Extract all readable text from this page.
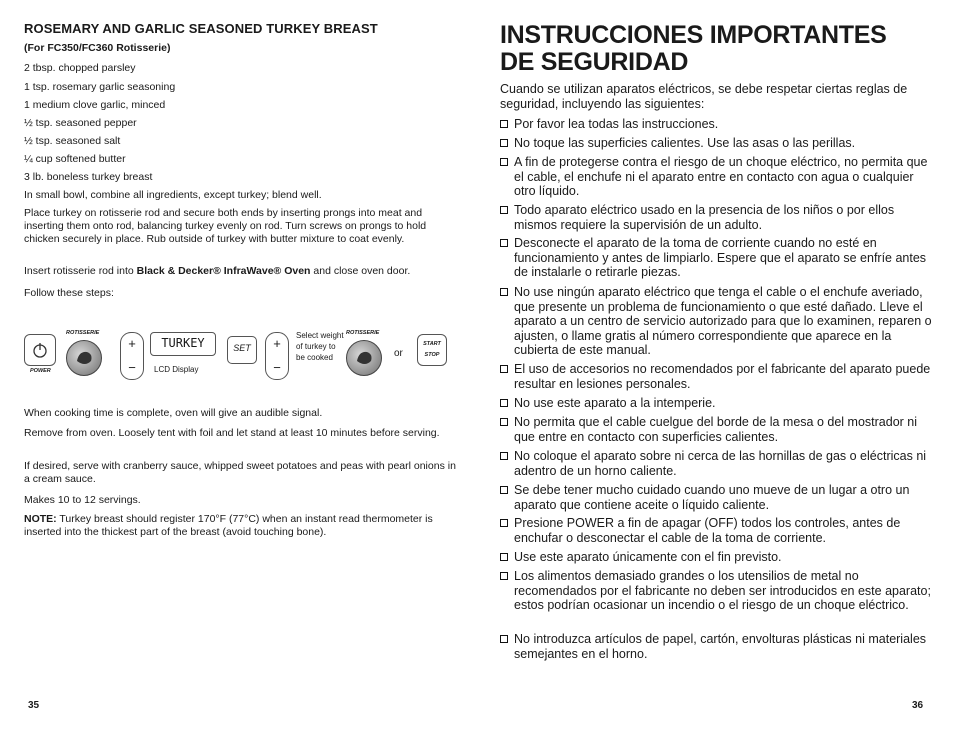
ROSEMARY AND GARLIC SEASONED TURKEY BREAST
(For FC350/FC360 Rotisserie)
2 tbsp. chopped parsley
1 tsp. rosemary garlic seasoning
1 medium clove garlic, minced
½ tsp. seasoned pepper
½ tsp. seasoned salt
¼ cup softened butter
3 lb. boneless turkey breast
In small bowl, combine all ingredients, except turkey; blend well.
Place turkey on rotisserie rod and secure both ends by inserting prongs into meat and inserting them onto rod, balancing turkey evenly on rod. Turn screws on prongs to hold chicken securely in place. Rub outside of turkey with butter mixture to coat evenly.
Insert rotisserie rod into Black & Decker® InfraWave® Oven and close oven door.
Follow these steps:
POWER
ROTISSERIE
+
−
TURKEY
LCD Display
SET	+
−
Select weight of turkey to be cooked
ROTISSERIE
or
START
STOP
When cooking time is complete, oven will give an audible signal.
Remove from oven. Loosely tent with foil and let stand at least 10 minutes before serving.
If desired, serve with cranberry sauce, whipped sweet potatoes and peas with pearl onions in a cream sauce.
Makes 10 to 12 servings.
NOTE: Turkey breast should register 170°F (77°C) when an instant read thermometer is inserted into the thickest part of the breast (avoid touching bone).
35
INSTRUCCIONES IMPORTANTES
DE SEGURIDAD
Cuando se utilizan aparatos eléctricos, se debe respetar ciertas reglas de seguridad, incluyendo las siguientes:
Por favor lea todas las instrucciones.
No toque las superficies calientes. Use las asas o las perillas.
A fin de protegerse contra el riesgo de un choque eléctrico, no permita que el cable, el enchufe ni el aparato entre en contacto con agua o cualquier otro líquido.
Todo aparato eléctrico usado en la presencia de los niños o por ellos mismos requiere la supervisión de un adulto.
Desconecte el aparato de la toma de corriente cuando no esté en funcionamiento y antes de limpiarlo. Espere que el aparato se enfríe antes de instalarle o retirarle piezas.
No use ningún aparato eléctrico que tenga el cable o el enchufe averiado, que presente un problema de funcionamiento o que esté dañado. Lleve el aparato a un centro de servicio autorizado para que lo examinen, reparen o ajusten, o llame gratis al número correspondiente que aparece en la cubierta de este manual.
El uso de accesorios no recomendados por el fabricante del aparato puede resultar en lesiones personales.
No use este aparato a la intemperie.
No permita que el cable cuelgue del borde de la mesa o del mostrador ni que entre en contacto con superficies calientes.
No coloque el aparato sobre ni cerca de las hornillas de gas o eléctricas ni adentro de un horno caliente.
Se debe tener mucho cuidado cuando uno mueve de un lugar a otro un aparato que contiene aceite o líquido caliente.
Presione POWER a fin de apagar (OFF) todos los controles, antes de enchufar o desconectar el cable de la toma de corriente.
Use este aparato únicamente con el fin previsto.
Los alimentos demasiado grandes o los utensilios de metal no recomendados por el fabricante no deben ser introducidos en este aparato; estos podrían ocasionar un incendio o el riesgo de un choque eléctrico.
No introduzca artículos de papel, cartón, envolturas plásticas ni materiales semejantes en el horno.
36
